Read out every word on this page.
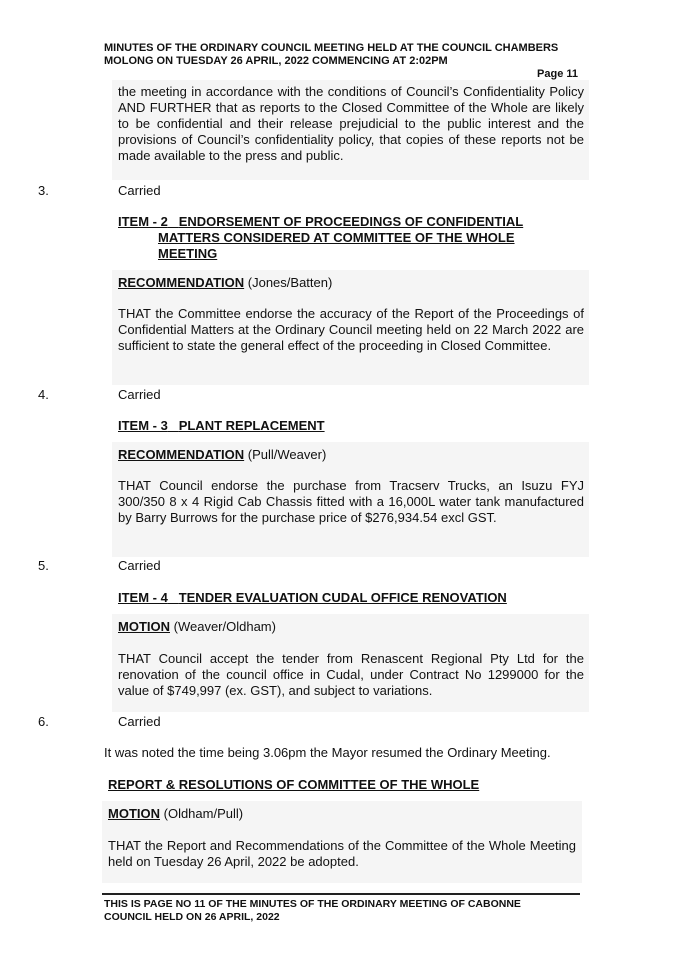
MINUTES OF THE ORDINARY COUNCIL MEETING HELD AT THE COUNCIL CHAMBERS
MOLONG ON TUESDAY 26 APRIL, 2022 COMMENCING AT 2:02PM
Page 11
the meeting in accordance with the conditions of Council’s Confidentiality Policy AND FURTHER that as reports to the Closed Committee of the Whole are likely to be confidential and their release prejudicial to the public interest and the provisions of Council’s confidentiality policy, that copies of these reports not be made available to the press and public.
3.	Carried
ITEM - 2 ENDORSEMENT OF PROCEEDINGS OF CONFIDENTIAL
MATTERS CONSIDERED AT COMMITTEE OF THE WHOLE
MEETING
RECOMMENDATION (Jones/Batten)
THAT the Committee endorse the accuracy of the Report of the Proceedings of Confidential Matters at the Ordinary Council meeting held on 22 March 2022 are sufficient to state the general effect of the proceeding in Closed Committee.
4.	Carried
ITEM - 3 PLANT REPLACEMENT
RECOMMENDATION (Pull/Weaver)
THAT Council endorse the purchase from Tracserv Trucks, an Isuzu FYJ 300/350 8 x 4 Rigid Cab Chassis fitted with a 16,000L water tank manufactured by Barry Burrows for the purchase price of $276,934.54 excl GST.
5.	Carried
ITEM - 4 TENDER EVALUATION CUDAL OFFICE RENOVATION
MOTION (Weaver/Oldham)
THAT Council accept the tender from Renascent Regional Pty Ltd for the renovation of the council office in Cudal, under Contract No 1299000 for the value of $749,997 (ex. GST), and subject to variations.
6.	Carried
It was noted the time being 3.06pm the Mayor resumed the Ordinary Meeting.
REPORT & RESOLUTIONS OF COMMITTEE OF THE WHOLE
MOTION (Oldham/Pull)
THAT the Report and Recommendations of the Committee of the Whole Meeting held on Tuesday 26 April, 2022 be adopted.
THIS IS PAGE NO 11 OF THE MINUTES OF THE ORDINARY MEETING OF CABONNE
COUNCIL HELD ON 26 APRIL, 2022
